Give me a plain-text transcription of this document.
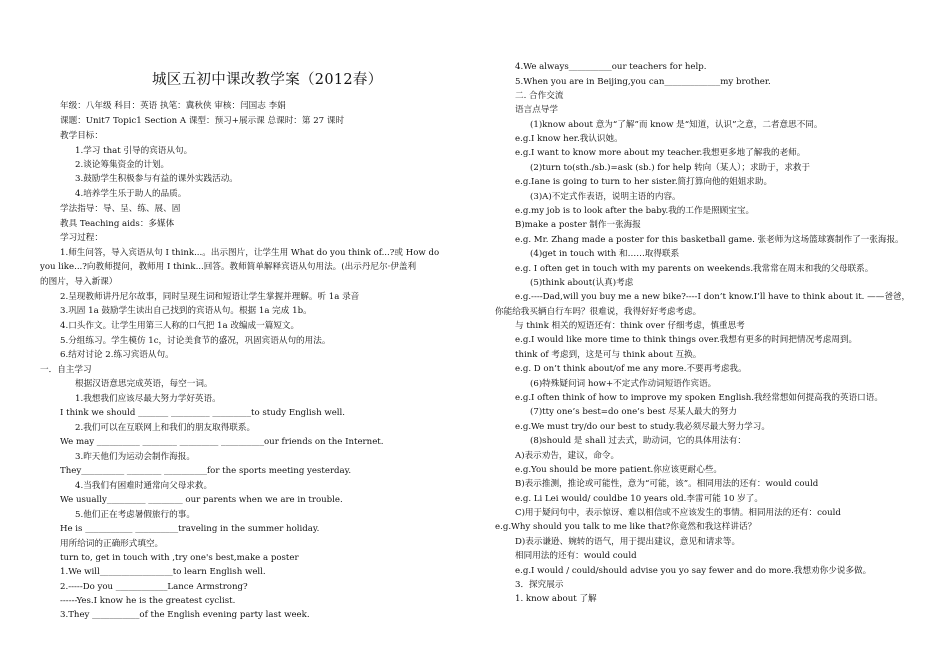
城区五初中课改教学案（2012春）
年级：八年级 科目：英语 执笔：冀秋侠 审核：闫国志 李娟
课题：Unit7 Topic1 Section A 课型：预习+展示课 总课时：第 27 课时
教学目标：
1.学习 that 引导的宾语从句。
2.谈论筹集资金的计划。
3.鼓励学生积极参与有益的课外实践活动。
4.培养学生乐于助人的品质。
学法指导：导、呈、练、展、固
教具 Teaching aids：多媒体
学习过程：
1.师生问答，导入宾语从句 I think...。出示图片，让学生用 What do you think of...?或 How do
you like...?向教师提问，教师用 I think...回答。教师简单解释宾语从句用法。(出示丹尼尔·伊盖利
的图片，导入新课）
2.呈现教师讲丹尼尔故事，同时呈现生词和短语让学生掌握并理解。听 1a 录音
3.巩固 1a 鼓励学生读出自己找到的宾语从句。根据 1a 完成 1b。
4.口头作文。让学生用第三人称的口气把 1a 改编成一篇短文。
5.分组练习。学生模仿 1c，讨论美食节的盛况，巩固宾语从句的用法。
6.结对讨论 2.练习宾语从句。
一．自主学习
根据汉语意思完成英语，每空一词。
1.我想我们应该尽最大努力学好英语。
I think we should _______ _________ _________to study English well.
2.我们可以在互联网上和我们的朋友取得联系。
We may __________ ________ _________ __________our friends on the Internet.
3.昨天他们为运动会制作海报。
They__________ ________ __________for the sports meeting yesterday.
4.当我们有困难时通常向父母求救。
We usually_________ ________ our parents when we are in trouble.
5.他们正在考虑暑假旅行的事。
He is ___________ __________traveling in the summer holiday.
用所给词的正确形式填空。
turn to, get in touch with ,try one's best,make a poster
1.We will_________________to learn English well.
2.-----Do you ____________Lance Armstrong?
------Yes.I know he is the greatest cyclist.
3.They ___________of the English evening party last week.
4.We always__________our teachers for help.
5.When you are in Beijing,you can_____________my brother.
二. 合作交流
语言点导学
(1)know about 意为“了解”而 know 是“知道，认识”之意，二者意思不同。
e.g.I know her.我认识她。
e.g.I want to know more about my teacher.我想更多地了解我的老师。
(2)turn to(sth./sb.)=ask (sb.) for help 转向（某人）；求助于，求救于
e.g.Iane is going to turn to her sister.简打算向他的姐姐求助。
(3)A)不定式作表语，说明主语的内容。
e.g.my job is to look after the baby.我的工作是照顾宝宝。
B)make a poster 制作一张海报
e.g. Mr. Zhang made a poster for this basketball game. 张老师为这场篮球赛制作了一张海报。
(4)get in touch with 和……取得联系
e.g. I often get in touch with my parents on weekends.我常常在周末和我的父母联系。
(5)think about(认真)考虑
e.g.----Dad,will you buy me a new bike?----I don’t know.I’ll have to think about it. ——爸爸，
你能给我买辆自行车吗？很难说，我得好好考虑考虑。
与 think 相关的短语还有：think over 仔细考虑，慎重思考
e.g.I would like more time to think things over.我想有更多的时间把情况考虑周到。
think of 考虑到，这是可与 think about 互换。
e.g. D on’t think about/of me any more.不要再考虑我。
(6)特殊疑问词 how+不定式作动词短语作宾语。
e.g.I often think of how to improve my spoken English.我经常想如何提高我的英语口语。
(7)tty one’s best=do one’s best 尽某人最大的努力
e.g.We must try/do our best to study.我必须尽最大努力学习。
(8)should 是 shall 过去式，助动词，它的具体用法有：
A)表示劝告，建议，命令。
e.g.You should be more patient.你应该更耐心些。
B)表示推测，推论或可能性，意为“可能，该”。相同用法的还有：would could
e.g. Li Lei would/ couldbe 10 years old.李雷可能 10 岁了。
C)用于疑问句中，表示惊讶、难以相信或不应该发生的事情。相同用法的还有：could
e.g.Why should you talk to me like that?你竟然和我这样讲话？
D)表示谦逊、婉转的语气，用于提出建议，意见和请求等。
相同用法的还有：would could
e.g.I would / could/should advise you yo say fewer and do more.我想劝你少说多做。
3．探究展示
1. know about 了解
